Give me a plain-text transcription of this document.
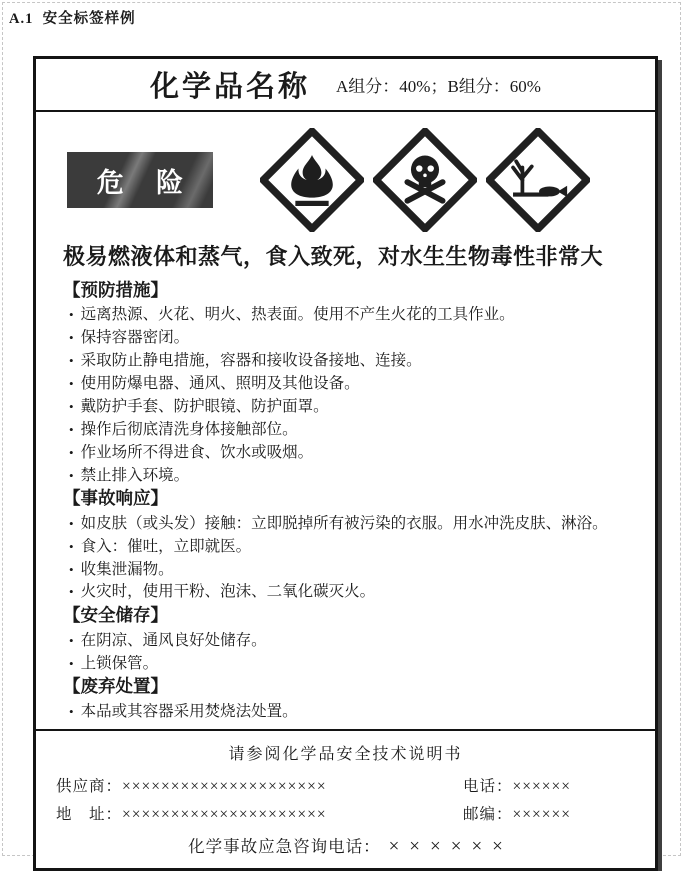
A.1  安全标签样例
化学品名称 A组分：40%；B组分：60%
危险
极易燃液体和蒸气，食入致死，对水生生物毒性非常大
【预防措施】
• 远离热源、火花、明火、热表面。使用不产生火花的工具作业。
• 保持容器密闭。
• 采取防止静电措施，容器和接收设备接地、连接。
• 使用防爆电器、通风、照明及其他设备。
• 戴防护手套、防护眼镜、防护面罩。
• 操作后彻底清洗身体接触部位。
• 作业场所不得进食、饮水或吸烟。
• 禁止排入环境。
【事故响应】
• 如皮肤（或头发）接触：立即脱掉所有被污染的衣服。用水冲洗皮肤、淋浴。
• 食入：催吐，立即就医。
• 收集泄漏物。
• 火灾时，使用干粉、泡沫、二氧化碳灭火。
【安全储存】
• 在阴凉、通风良好处储存。
• 上锁保管。
【废弃处置】
• 本品或其容器采用焚烧法处置。
请参阅化学品安全技术说明书
供应商： ×××××××××××××××××××××	电话： ××××××
地　址： ×××××××××××××××××××××	邮编： ××××××
化学事故应急咨询电话： ××××××
